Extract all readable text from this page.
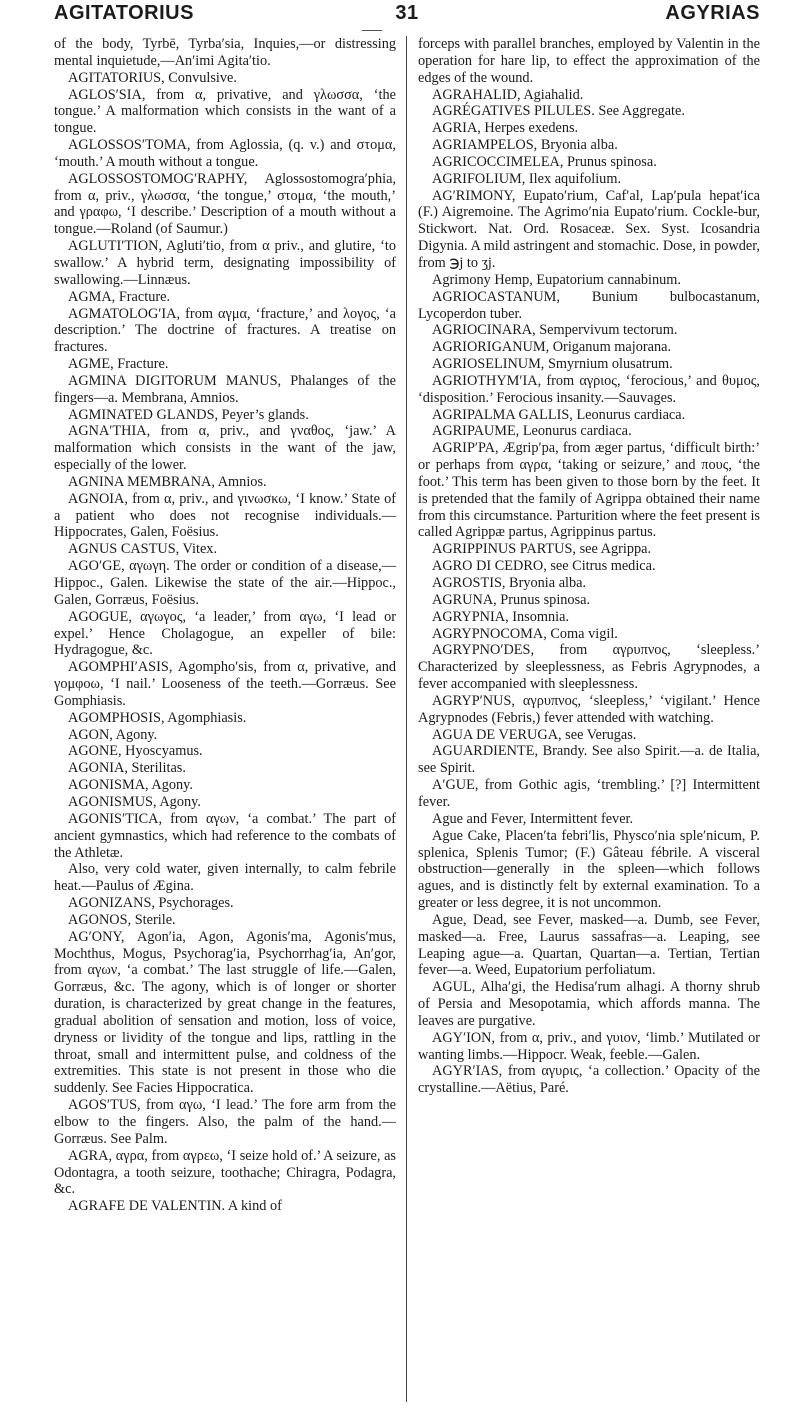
AGITATORIUS	31	AGYRIAS

of the body, Tyrbē, Tyrba′sia, Inquies,—or distressing mental inquietude,—An′imi Agita′tio.

AGITATORIUS, Convulsive.

AGLOS′SIA, from α, privative, and γλωσσα, ‘the tongue.’ A malformation which consists in the want of a tongue.

AGLOSSOS′TOMA, from Aglossia, (q. v.) and στομα, ‘mouth.’ A mouth without a tongue.

AGLOSSOSTOMOG′RAPHY, Aglossostomogra′phia, from α, priv., γλωσσα, ‘the tongue,’ στομα, ‘the mouth,’ and γραφω, ‘I describe.’ Description of a mouth without a tongue.—Roland (of Saumur.)

AGLUTI′TION, Agluti′tio, from α priv., and glutire, ‘to swallow.’ A hybrid term, designating impossibility of swallowing.—Linnæus.

AGMA, Fracture.

AGMATOLOG′IA, from αγμα, ‘fracture,’ and λογος, ‘a description.’ The doctrine of fractures. A treatise on fractures.

AGME, Fracture.

AGMINA DIGITORUM MANUS, Phalanges of the fingers—a. Membrana, Amnios.

AGMINATED GLANDS, Peyer’s glands.

AGNA′THIA, from α, priv., and γναθος, ‘jaw.’ A malformation which consists in the want of the jaw, especially of the lower.

AGNINA MEMBRANA, Amnios.

AGNOIA, from α, priv., and γινωσκω, ‘I know.’ State of a patient who does not recognise individuals.—Hippocrates, Galen, Foësius.

AGNUS CASTUS, Vitex.

AGO′GE, αγωγη. The order or condition of a disease,—Hippoc., Galen. Likewise the state of the air.—Hippoc., Galen, Gorræus, Foësius.

AGOGUE, αγωγος, ‘a leader,’ from αγω, ‘I lead or expel.’ Hence Cholagogue, an expeller of bile: Hydragogue, &c.

AGOMPHI′ASIS, Agompho′sis, from α, privative, and γομφοω, ‘I nail.’ Looseness of the teeth.—Gorræus. See Gomphiasis.

AGOMPHOSIS, Agomphiasis.

AGON, Agony.

AGONE, Hyoscyamus.

AGONIA, Sterilitas.

AGONISMA, Agony.

AGONISMUS, Agony.

AGONIS′TICA, from αγων, ‘a combat.’ The part of ancient gymnastics, which had reference to the combats of the Athletæ.

Also, very cold water, given internally, to calm febrile heat.—Paulus of Ægina.

AGONIZANS, Psychorages.

AGONOS, Sterile.

AG′ONY, Agon′ia, Agon, Agonis′ma, Agonis′mus, Mochthus, Mogus, Psychorag′ia, Psychorrhag′ia, An′gor, from αγων, ‘a combat.’ The last struggle of life.—Galen, Gorræus, &c. The agony, which is of longer or shorter duration, is characterized by great change in the features, gradual abolition of sensation and motion, loss of voice, dryness or lividity of the tongue and lips, rattling in the throat, small and intermittent pulse, and coldness of the extremities. This state is not present in those who die suddenly. See Facies Hippocratica.

AGOS′TUS, from αγω, ‘I lead.’ The fore arm from the elbow to the fingers. Also, the palm of the hand.—Gorræus. See Palm.

AGRA, αγρα, from αγρεω, ‘I seize hold of.’ A seizure, as Odontagra, a tooth seizure, toothache; Chiragra, Podagra, &c.

AGRAFE DE VALENTIN. A kind of

forceps with parallel branches, employed by Valentin in the operation for hare lip, to effect the approximation of the edges of the wound.

AGRAHALID, Agiahalid.

AGRÉGATIVES PILULES. See Aggregate.

AGRIA, Herpes exedens.

AGRIAMPELOS, Bryonia alba.

AGRICOCCIMELEA, Prunus spinosa.

AGRIFOLIUM, Ilex aquifolium.

AG′RIMONY, Eupato′rium, Caf′al, Lap′pula hepat′ica (F.) Aigremoine. The Agrimo′nia Eupato′rium. Cockle-bur, Stickwort. Nat. Ord. Rosaceæ. Sex. Syst. Icosandria Digynia. A mild astringent and stomachic. Dose, in powder, from ℈j to ʒj.

Agrimony Hemp, Eupatorium cannabinum.

AGRIOCASTANUM, Bunium bulbocastanum, Lycoperdon tuber.

AGRIOCINARA, Sempervivum tectorum.

AGRIORIGANUM, Origanum majorana.

AGRIOSELINUM, Smyrnium olusatrum.

AGRIOTHYM′IA, from αγριος, ‘ferocious,’ and θυμος, ‘disposition.’ Ferocious insanity.—Sauvages.

AGRIPALMA GALLIS, Leonurus cardiaca.

AGRIPAUME, Leonurus cardiaca.

AGRIP′PA, Ægrip′pa, from æger partus, ‘difficult birth:’ or perhaps from αγρα, ‘taking or seizure,’ and πους, ‘the foot.’ This term has been given to those born by the feet. It is pretended that the family of Agrippa obtained their name from this circumstance. Parturition where the feet present is called Agrippæ partus, Agrippinus partus.

AGRIPPINUS PARTUS, see Agrippa.

AGRO DI CEDRO, see Citrus medica.

AGROSTIS, Bryonia alba.

AGRUNA, Prunus spinosa.

AGRYPNIA, Insomnia.

AGRYPNOCOMA, Coma vigil.

AGRYPNO′DES, from αγρυπνος, ‘sleepless.’ Characterized by sleeplessness, as Febris Agrypnodes, a fever accompanied with sleeplessness.

AGRYP′NUS, αγρυπνος, ‘sleepless,’ ‘vigilant.’ Hence Agrypnodes (Febris,) fever attended with watching.

AGUA DE VERUGA, see Verugas.

AGUARDIENTE, Brandy. See also Spirit.—a. de Italia, see Spirit.

A′GUE, from Gothic agis, ‘trembling.’ [?] Intermittent fever.

Ague and Fever, Intermittent fever.

Ague Cake, Placen′ta febri′lis, Physco′nia sple′nicum, P. splenica, Splenis Tumor; (F.) Gâteau fébrile. A visceral obstruction—generally in the spleen—which follows agues, and is distinctly felt by external examination. To a greater or less degree, it is not uncommon.

Ague, Dead, see Fever, masked—a. Dumb, see Fever, masked—a. Free, Laurus sassafras—a. Leaping, see Leaping ague—a. Quartan, Quartan—a. Tertian, Tertian fever—a. Weed, Eupatorium perfoliatum.

AGUL, Alha′gi, the Hedisa′rum alhagi. A thorny shrub of Persia and Mesopotamia, which affords manna. The leaves are purgative.

AGY′ION, from α, priv., and γυιον, ‘limb.’ Mutilated or wanting limbs.—Hippocr. Weak, feeble.—Galen.

AGYR′IAS, from αγυρις, ‘a collection.’ Opacity of the crystalline.—Aëtius, Paré.
